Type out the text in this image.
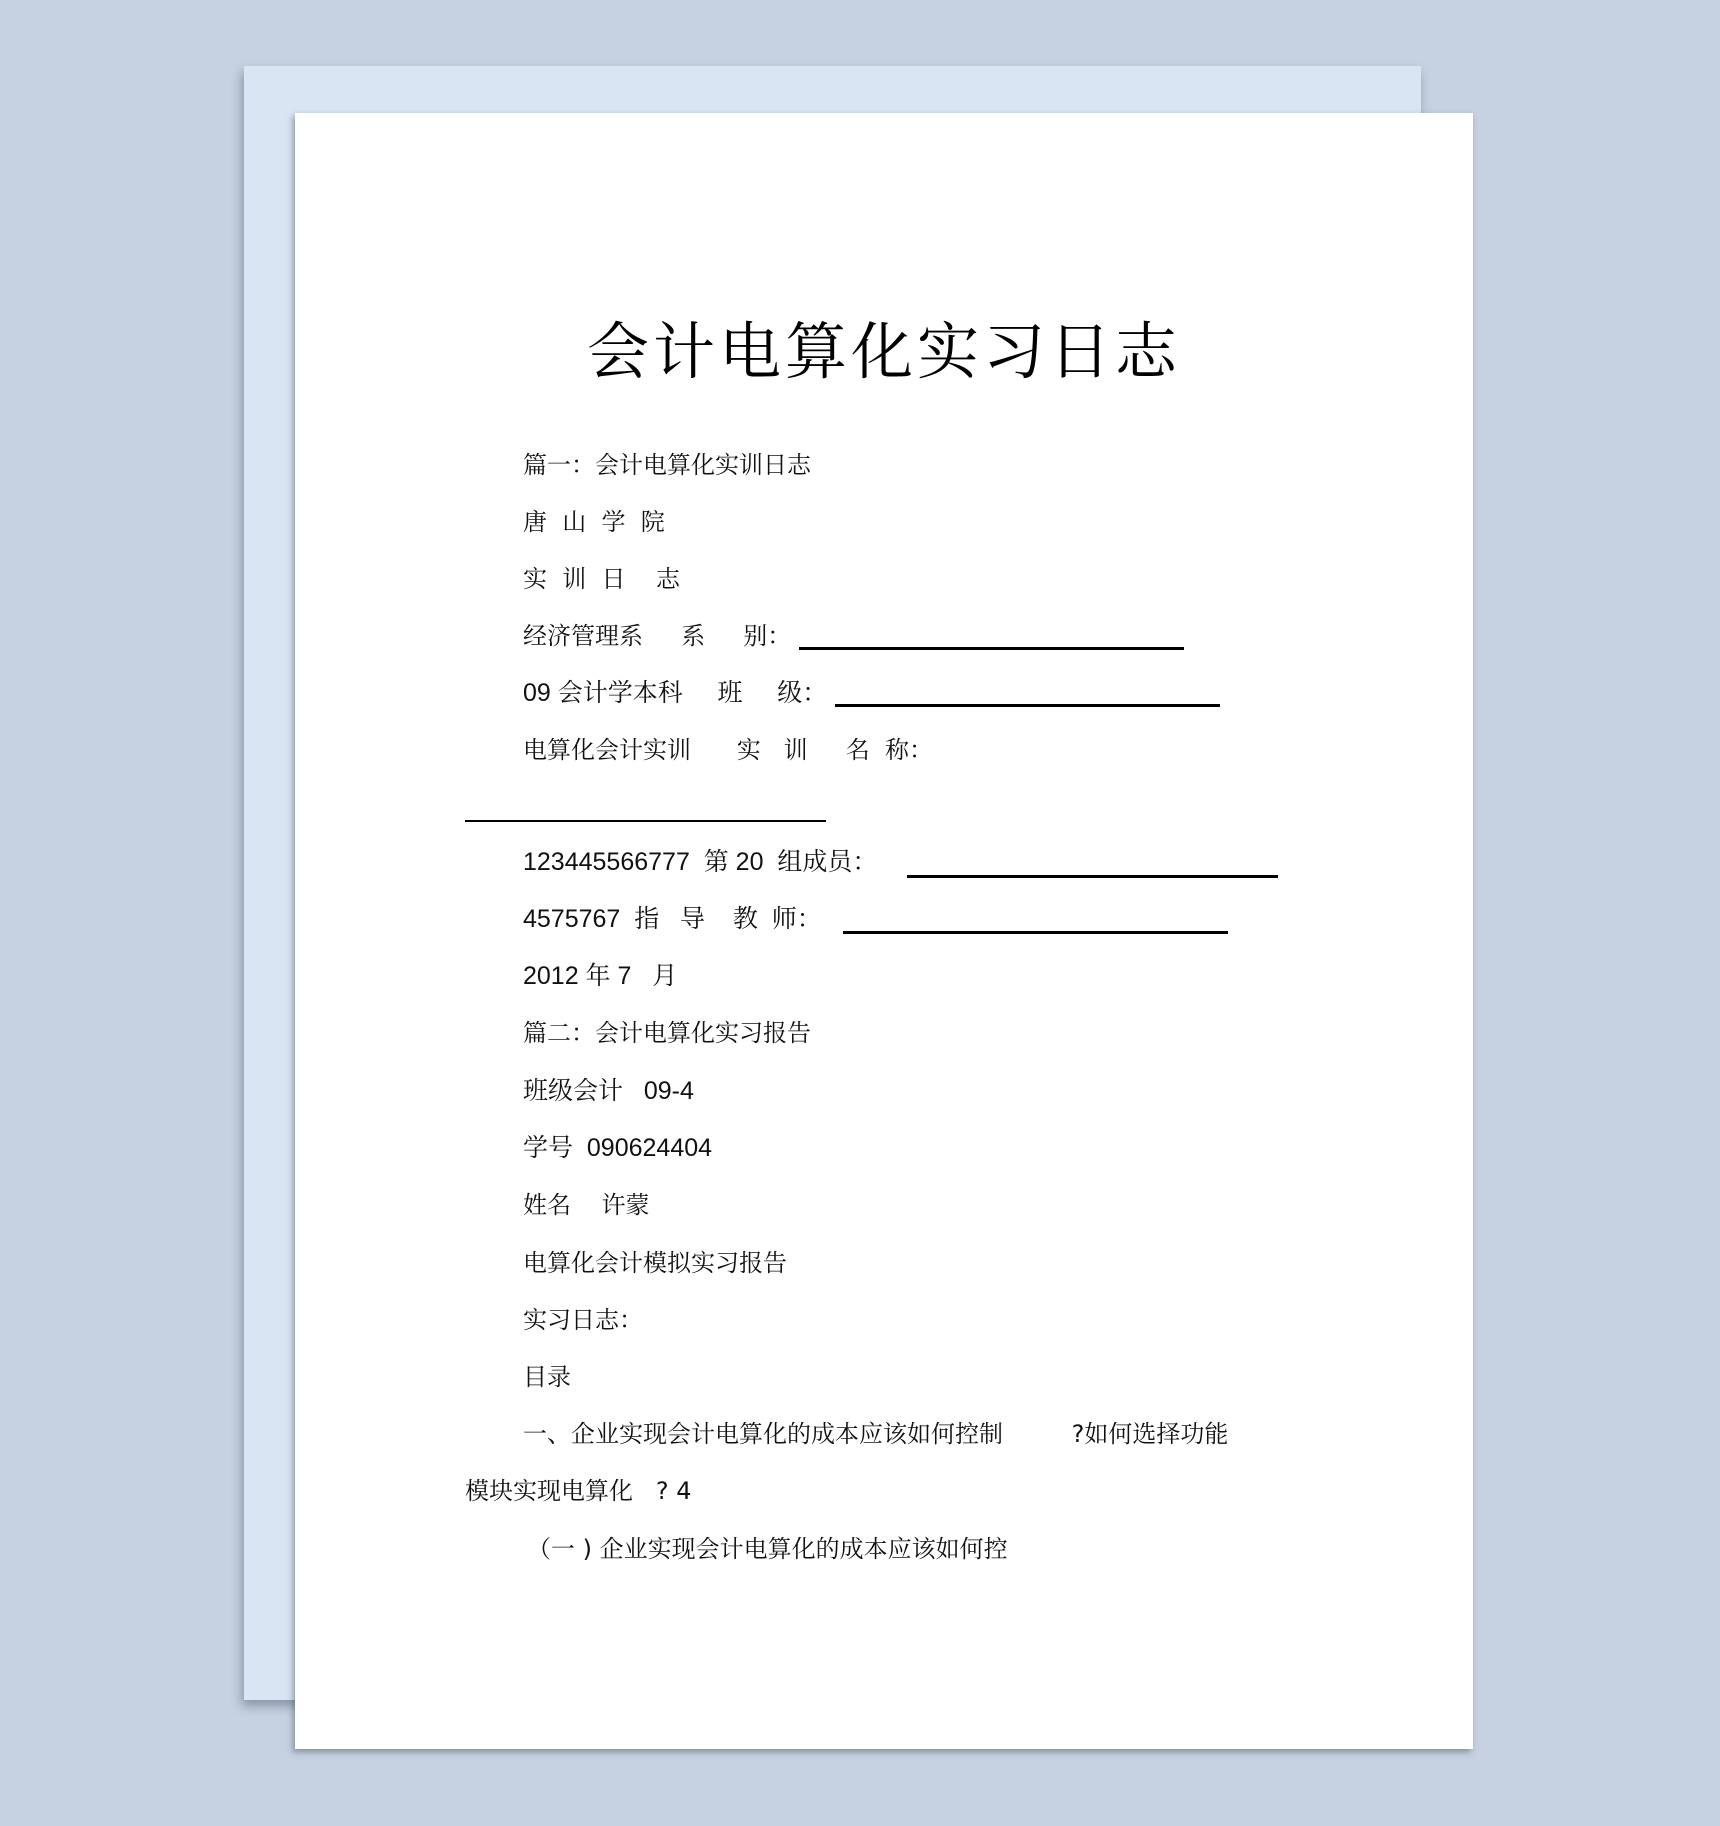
会计电算化实习日志
篇一：会计电算化实训日志
唐  山  学  院
实  训  日    志
经济管理系     系     别：
09 会计学本科     班     级：
电算化会计实训      实   训     名  称：
123445566777  第 20  组成员：
4575767  指   导    教  师：
2012 年 7   月
篇二：会计电算化实习报告
班级会计   09-4
学号  090624404
姓名    许蒙
电算化会计模拟实习报告
实习日志：
目录
一、企业实现会计电算化的成本应该如何控制         ?如何选择功能
模块实现电算化   ? 4
（一 ) 企业实现会计电算化的成本应该如何控
